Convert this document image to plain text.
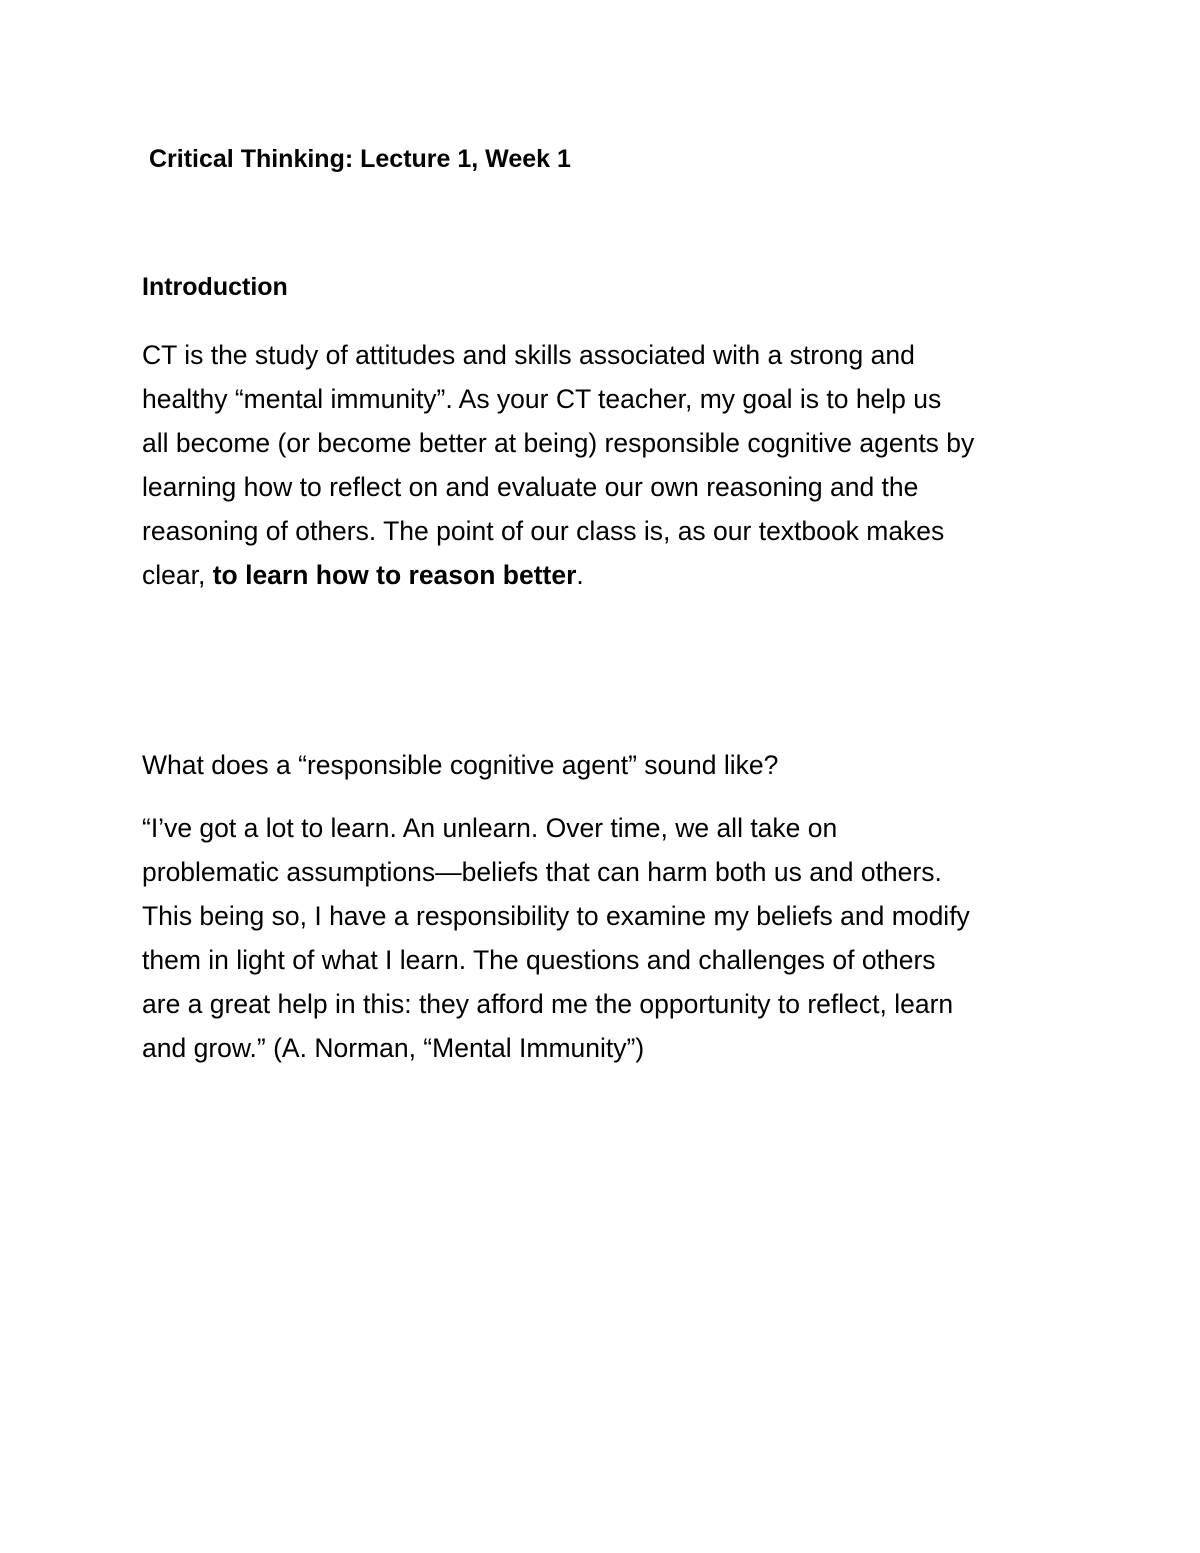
Critical Thinking: Lecture 1, Week 1
Introduction
CT is the study of attitudes and skills associated with a strong and
healthy “mental immunity”. As your CT teacher, my goal is to help us
all become (or become better at being) responsible cognitive agents by
learning how to reflect on and evaluate our own reasoning and the
reasoning of others. The point of our class is, as our textbook makes
clear, to learn how to reason better.
What does a “responsible cognitive agent” sound like?
“I’ve got a lot to learn. An unlearn. Over time, we all take on
problematic assumptions—beliefs that can harm both us and others.
This being so, I have a responsibility to examine my beliefs and modify
them in light of what I learn. The questions and challenges of others
are a great help in this: they afford me the opportunity to reflect, learn
and grow.” (A. Norman, “Mental Immunity”)
